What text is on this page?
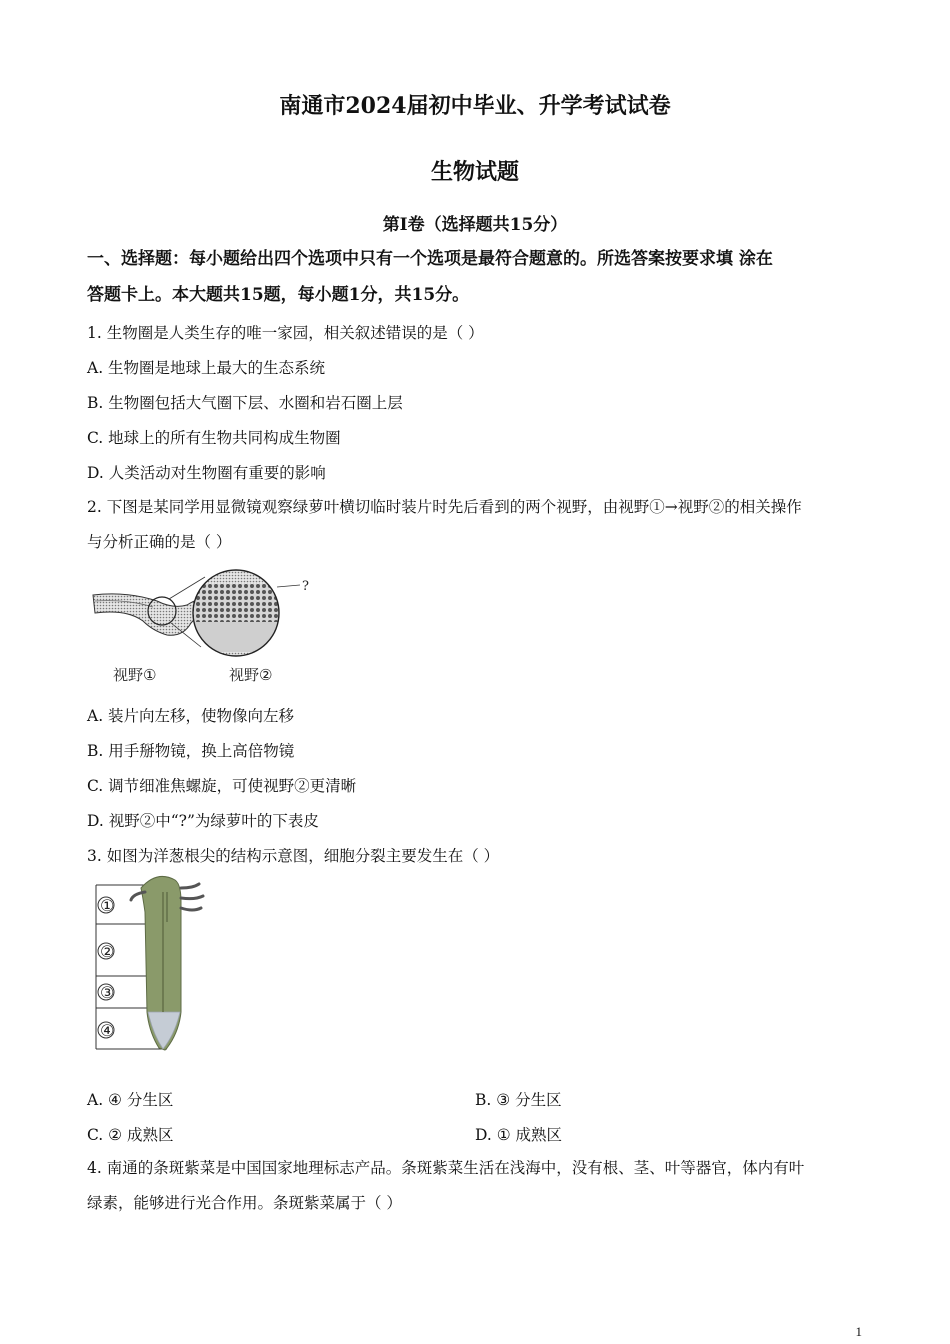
南通市2024届初中毕业、升学考试试卷
生物试题
第Ⅰ卷（选择题共15分）
一、选择题：每小题给出四个选项中只有一个选项是最符合题意的。所选答案按要求填 涂在
答题卡上。本大题共15题，每小题1分，共15分。
1. 生物圈是人类生存的唯一家园，相关叙述错误的是（ ）
A. 生物圈是地球上最大的生态系统
B. 生物圈包括大气圈下层、水圈和岩石圈上层
C. 地球上的所有生物共同构成生物圈
D. 人类活动对生物圈有重要的影响
2. 下图是某同学用显微镜观察绿萝叶横切临时装片时先后看到的两个视野，由视野①→视野②的相关操作
与分析正确的是（ ）
?
视野①	视野②
A. 装片向左移，使物像向左移
B. 用手掰物镜，换上高倍物镜
C. 调节细准焦螺旋，可使视野②更清晰
D. 视野②中“?”为绿萝叶的下表皮
3. 如图为洋葱根尖的结构示意图，细胞分裂主要发生在（ ）
①
②
③
④
A. ④ 分生区	B. ③ 分生区
C. ② 成熟区	D. ① 成熟区
4. 南通的条斑紫菜是中国国家地理标志产品。条斑紫菜生活在浅海中，没有根、茎、叶等器官，体内有叶
绿素，能够进行光合作用。条斑紫菜属于（ ）
1
